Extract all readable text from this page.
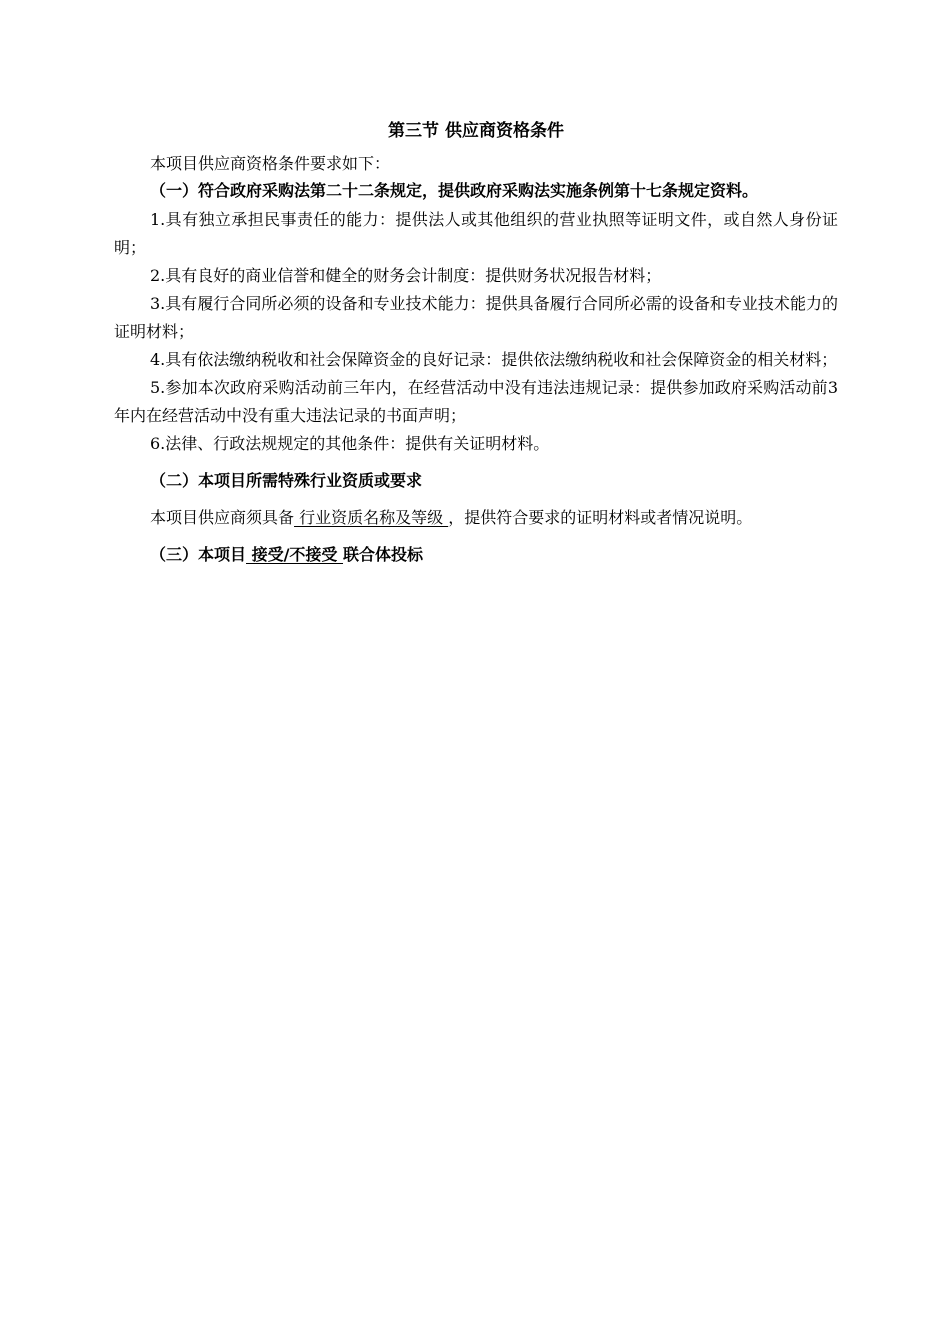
第三节 供应商资格条件

本项目供应商资格条件要求如下：

（一）符合政府采购法第二十二条规定，提供政府采购法实施条例第十七条规定资料。

1.具有独立承担民事责任的能力：提供法人或其他组织的营业执照等证明文件，或自然人身份证明；

2.具有良好的商业信誉和健全的财务会计制度：提供财务状况报告材料；

3.具有履行合同所必须的设备和专业技术能力：提供具备履行合同所必需的设备和专业技术能力的证明材料；

4.具有依法缴纳税收和社会保障资金的良好记录：提供依法缴纳税收和社会保障资金的相关材料；

5.参加本次政府采购活动前三年内，在经营活动中没有违法违规记录：提供参加政府采购活动前3年内在经营活动中没有重大违法记录的书面声明；

6.法律、行政法规规定的其他条件：提供有关证明材料。

（二）本项目所需特殊行业资质或要求

本项目供应商须具备 行业资质名称及等级 ，提供符合要求的证明材料或者情况说明。

（三）本项目 接受/不接受 联合体投标
